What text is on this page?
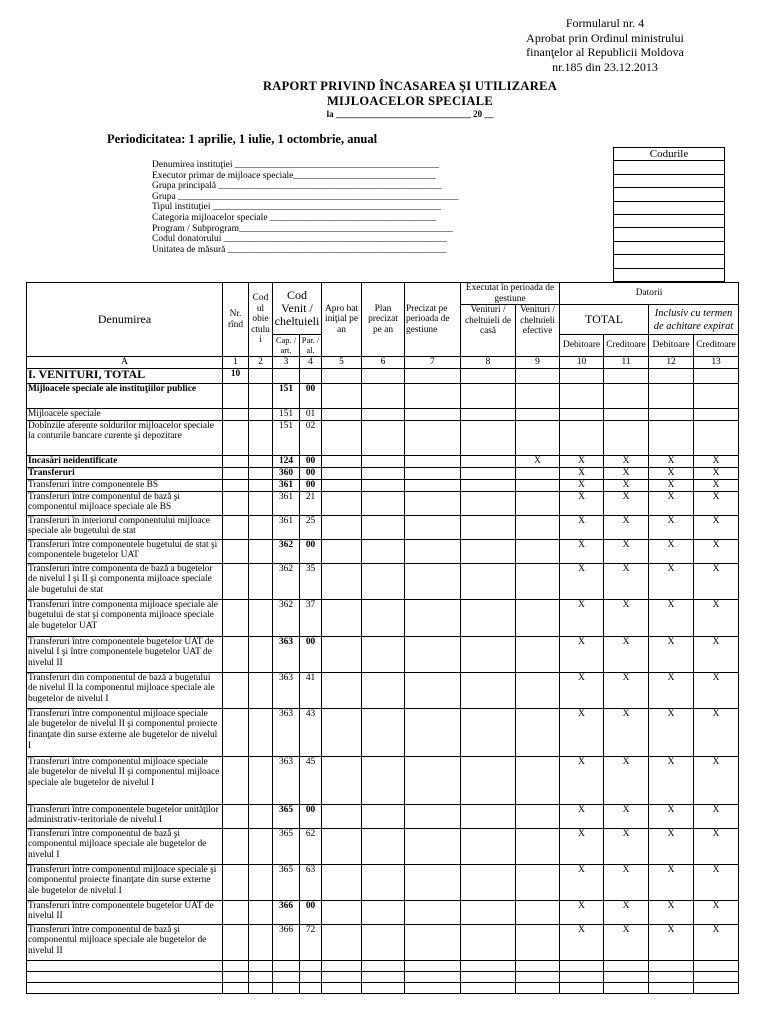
Formularul nr. 4
Aprobat prin Ordinul ministrului
finanţelor al Republicii Moldova
nr.185 din 23.12.2013
RAPORT PRIVIND ÎNCASAREA ŞI UTILIZAREA
MIJLOACELOR SPECIALE
la ______________________________ 20 __
Periodicitatea: 1 aprilie, 1 iulie, 1 octombrie, anual
Denumirea instituţiei ___________________________________________
Executor primar de mijloace speciale______________________________
Grupa principală _______________________________________________
Grupa ___________________________________________________________
Tipul instituţiei ________________________________________________
Categoria mijloacelor speciale ___________________________________
Program / Subprogram_____________________________________________
Codul donatorului _______________________________________________
Unitatea de măsură ______________________________________________
Codurile

Denumirea	Nr. rînd	Cod ul obie ctulu i	Cod Venit / cheltuieli		Apro bat iniţial pe an	Plan precizat pe an	Precizat pe perioada de gestiune	Executat în perioada de gestiune		Datorii			
								Venituri / cheltuieli de casă	Venituri / cheltuieli efective	TOTAL		Inclusiv cu termen de achitare expirat	

			Cap. / art.	Par. / al.						Debitoare	Creditoare	Debitoare	Creditoare
A	1	2	3	4	5	6	7	8	9	10	11	12	13
I. VENITURI, TOTAL	10												
Mijloacele speciale ale instituţiilor publice			151	00									
Mijloacele speciale			151	01									
Dobînzile aferente soldurilor mijloacelor speciale la conturile bancare curente şi depozitare			151	02									
Încasări neidentificate			124	00					X	X	X	X	X
Transferuri			360	00						X	X	X	X
Transferuri între componentele BS			361	00						X	X	X	X
Transferuri între componentul de bază şi componentul mijloace speciale ale BS			361	21						X	X	X	X
Transferuri în interiorul componentului mijloace speciale ale bugetului de stat			361	25						X	X	X	X
Transferuri între componentele bugetului de stat şi componentele bugetelor UAT			362	00						X	X	X	X
Transferuri între componenta de bază a bugetelor de nivelul I şi II şi componenta mijloace speciale ale bugetului de stat			362	35						X	X	X	X
Transferuri între componenta mijloace speciale ale bugetului de stat şi componenta mijloace speciale ale bugetelor UAT			362	37						X	X	X	X
Transferuri între componentele bugetelor UAT de nivelul I şi între componentele bugetelor UAT de nivelul II			363	00						X	X	X	X
Transferuri din componentul de bază a bugetului de nivelul II la componentul mijloace speciale ale bugetelor de nivelul I			363	41						X	X	X	X
Transferuri între componentul mijloace speciale ale bugetelor de nivelul II şi componentul proiecte finanţate din surse externe ale bugetelor de nivelul I			363	43						X	X	X	X
Transferuri între componentul mijloace speciale ale bugetelor de nivelul II şi componentul mijloace speciale ale bugetelor de nivelul I			363	45						X	X	X	X
Transferuri între componentele bugetelor unităţilor administrativ-teritoriale de nivelul I			365	00						X	X	X	X
Transferuri între componentul de bază şi componentul mijloace speciale ale bugetelor de nivelul I			365	62						X	X	X	X
Transferuri între componentul mijloace speciale şi componentul proiecte finanţate din surse externe ale bugetelor de nivelul I			365	63						X	X	X	X
Transferuri între componentele bugetelor UAT de nivelul II			366	00						X	X	X	X
Transferuri între componentul de bază şi componentul mijloace speciale ale bugetelor de nivelul II			366	72						X	X	X	X
